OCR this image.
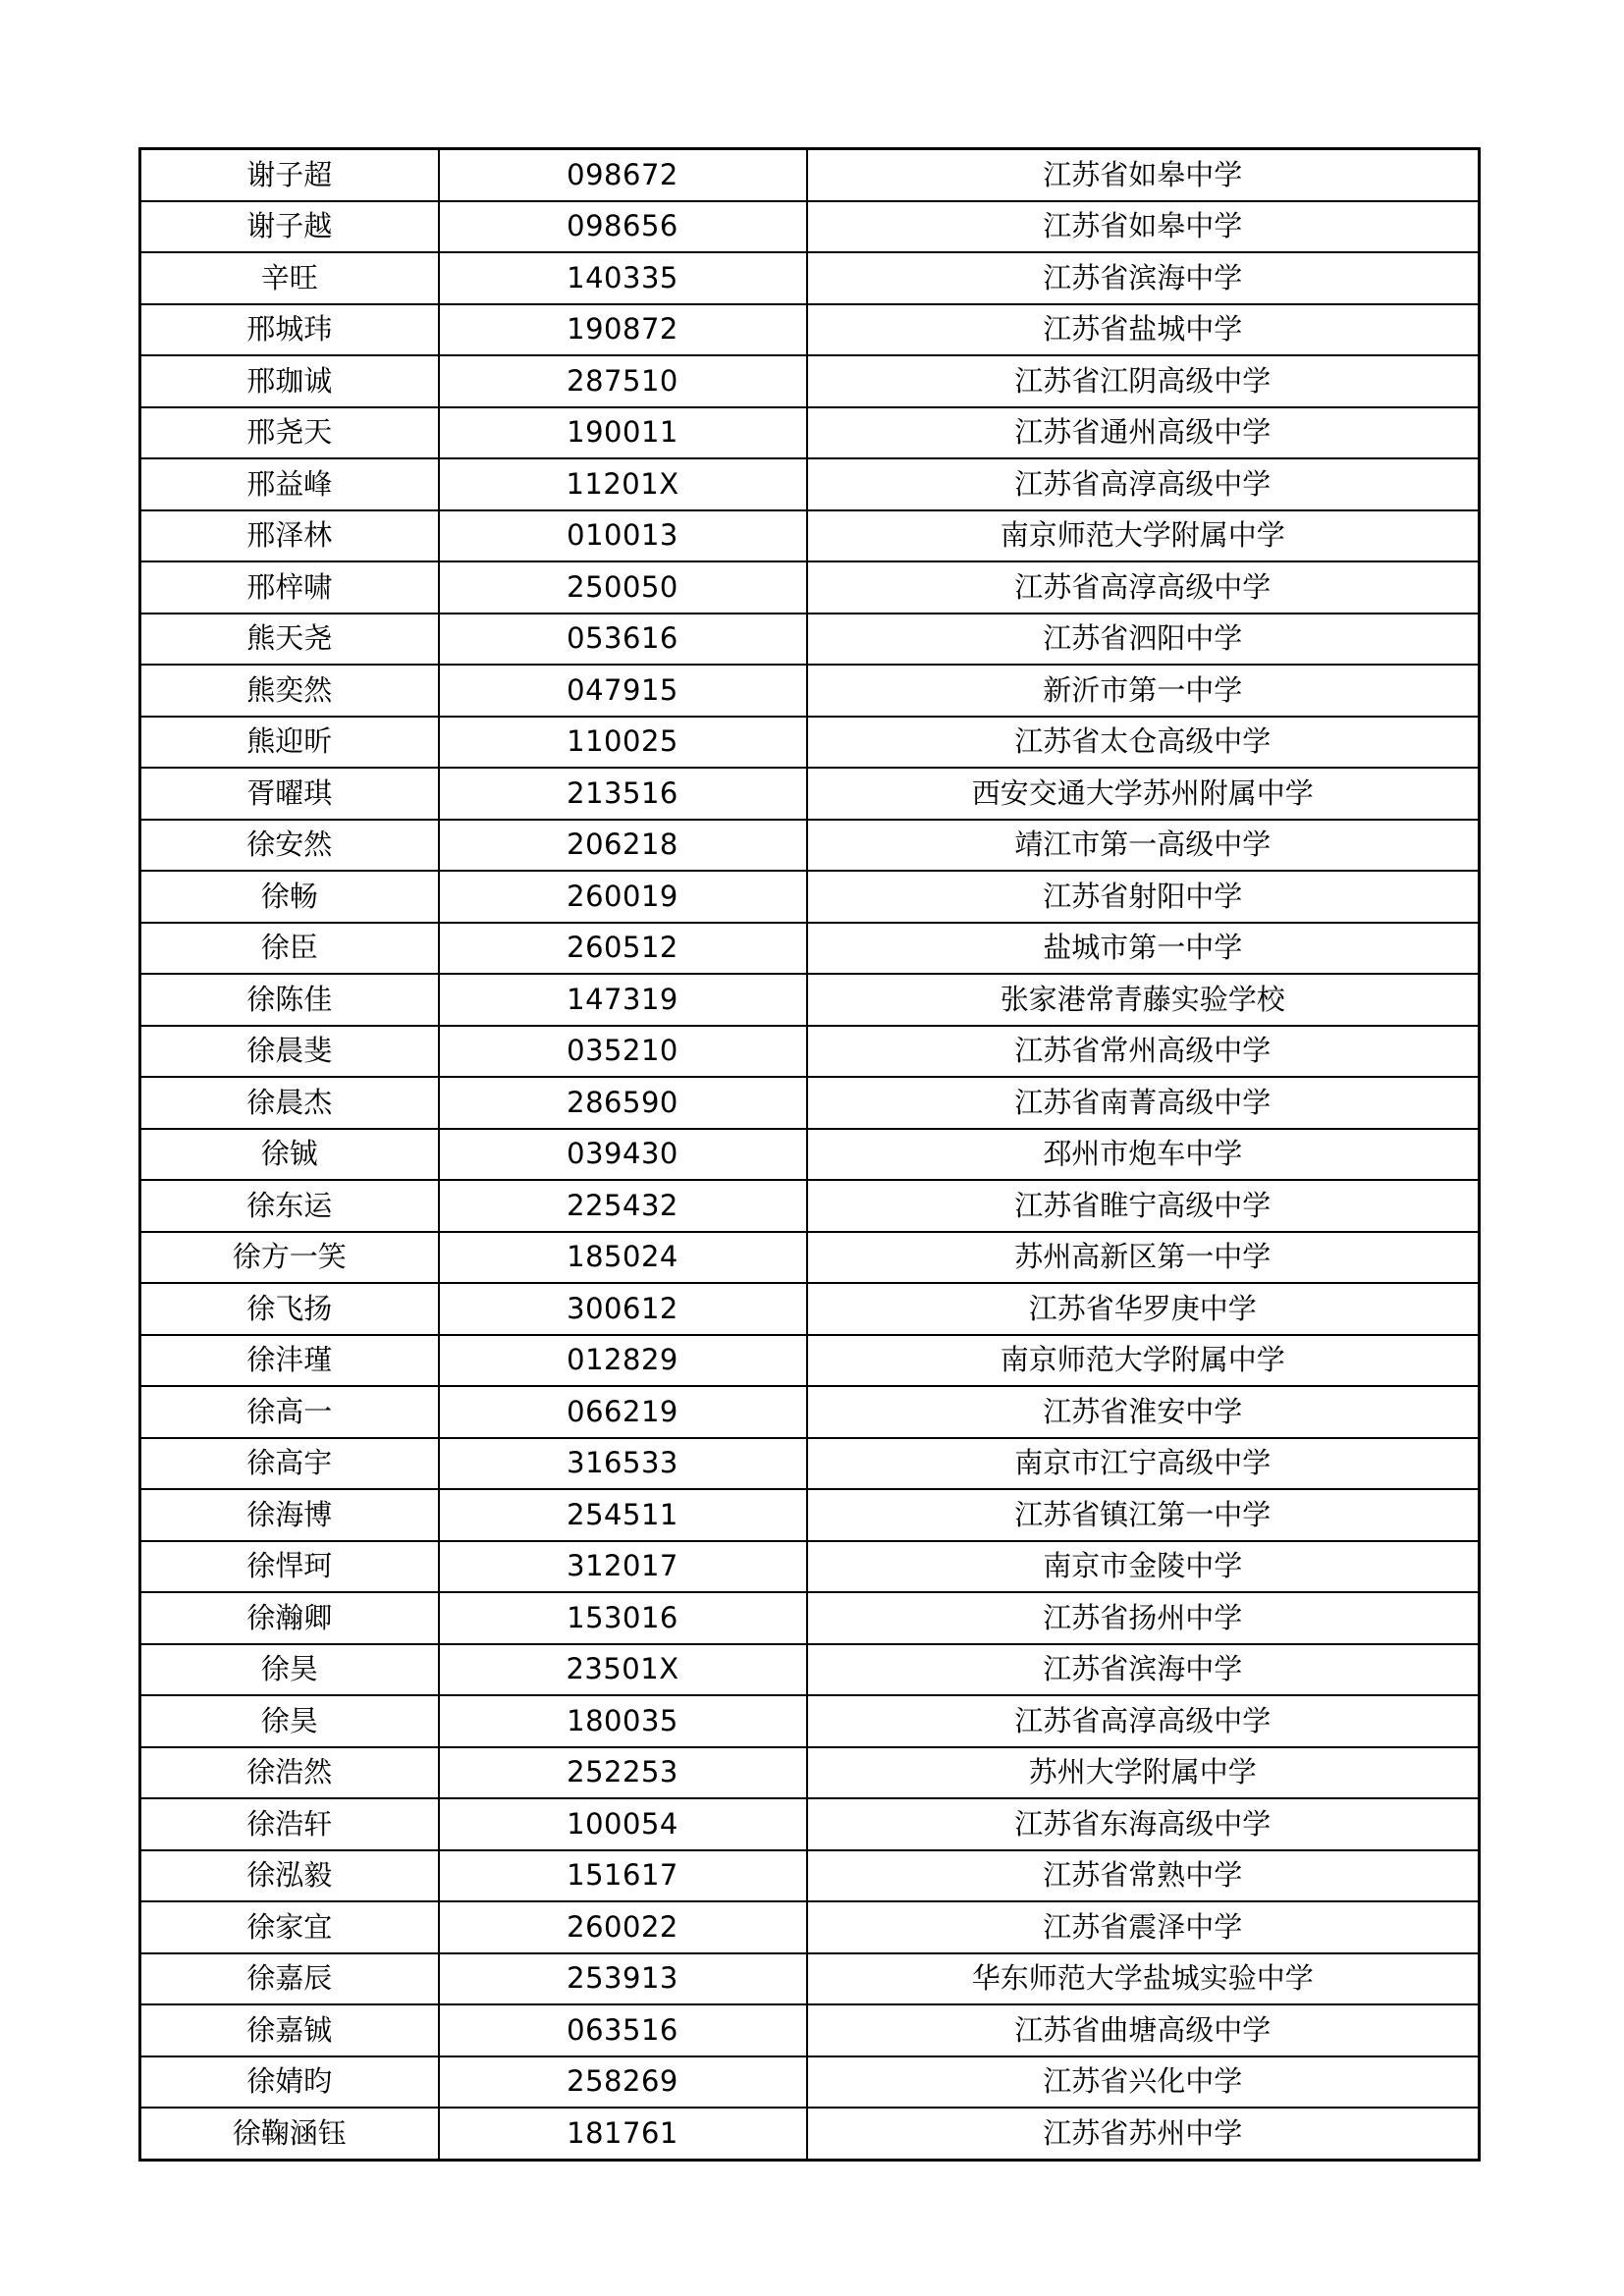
谢子超	098672	江苏省如皋中学
谢子越	098656	江苏省如皋中学
辛旺	140335	江苏省滨海中学
邢城玮	190872	江苏省盐城中学
邢珈诚	287510	江苏省江阴高级中学
邢尧天	190011	江苏省通州高级中学
邢益峰	11201X	江苏省高淳高级中学
邢泽林	010013	南京师范大学附属中学
邢梓啸	250050	江苏省高淳高级中学
熊天尧	053616	江苏省泗阳中学
熊奕然	047915	新沂市第一中学
熊迎昕	110025	江苏省太仓高级中学
胥曜琪	213516	西安交通大学苏州附属中学
徐安然	206218	靖江市第一高级中学
徐畅	260019	江苏省射阳中学
徐臣	260512	盐城市第一中学
徐陈佳	147319	张家港常青藤实验学校
徐晨斐	035210	江苏省常州高级中学
徐晨杰	286590	江苏省南菁高级中学
徐铖	039430	邳州市炮车中学
徐东运	225432	江苏省睢宁高级中学
徐方一笑	185024	苏州高新区第一中学
徐飞扬	300612	江苏省华罗庚中学
徐沣瑾	012829	南京师范大学附属中学
徐高一	066219	江苏省淮安中学
徐高宇	316533	南京市江宁高级中学
徐海博	254511	江苏省镇江第一中学
徐悍珂	312017	南京市金陵中学
徐瀚卿	153016	江苏省扬州中学
徐昊	23501X	江苏省滨海中学
徐昊	180035	江苏省高淳高级中学
徐浩然	252253	苏州大学附属中学
徐浩轩	100054	江苏省东海高级中学
徐泓毅	151617	江苏省常熟中学
徐家宜	260022	江苏省震泽中学
徐嘉辰	253913	华东师范大学盐城实验中学
徐嘉铖	063516	江苏省曲塘高级中学
徐婧昀	258269	江苏省兴化中学
徐鞠涵钰	181761	江苏省苏州中学
